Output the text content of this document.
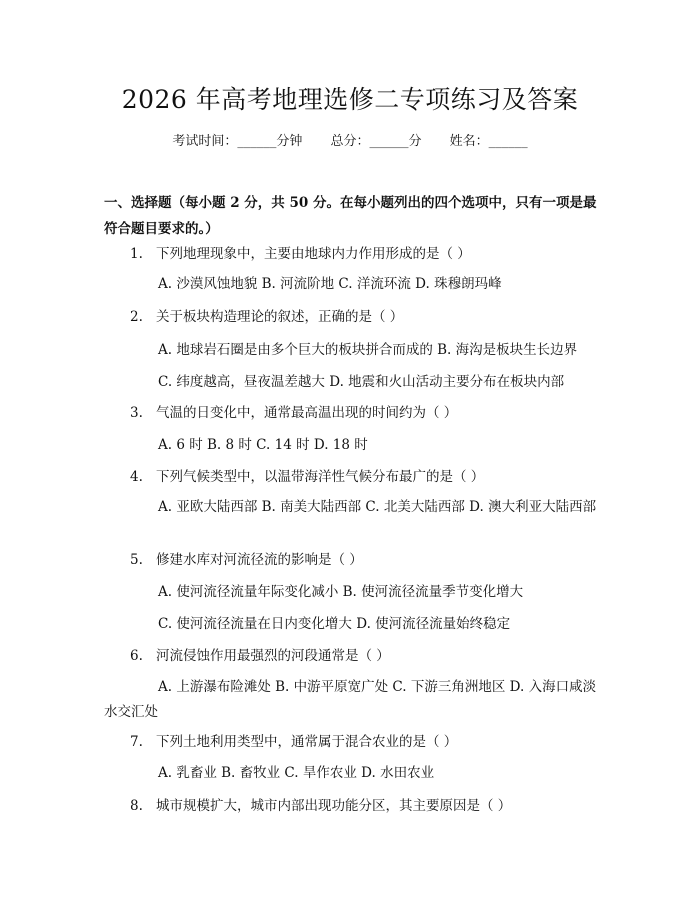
2026 年高考地理选修二专项练习及答案
考试时间：______分钟 总分：______分 姓名：______
一、选择题（每小题 2 分，共 50 分。在每小题列出的四个选项中，只有一项是最符合题目要求的。）
1. 下列地理现象中，主要由地球内力作用形成的是（ ）
A. 沙漠风蚀地貌 B. 河流阶地 C. 洋流环流 D. 珠穆朗玛峰
2. 关于板块构造理论的叙述，正确的是（ ）
A. 地球岩石圈是由多个巨大的板块拼合而成的 B. 海沟是板块生长边界
C. 纬度越高，昼夜温差越大 D. 地震和火山活动主要分布在板块内部
3. 气温的日变化中，通常最高温出现的时间约为（ ）
A. 6 时 B. 8 时 C. 14 时 D. 18 时
4. 下列气候类型中，以温带海洋性气候分布最广的是（ ）
A. 亚欧大陆西部 B. 南美大陆西部 C. 北美大陆西部 D. 澳大利亚大陆西部
5. 修建水库对河流径流的影响是（ ）
A. 使河流径流量年际变化减小 B. 使河流径流量季节变化增大
C. 使河流径流量在日内变化增大 D. 使河流径流量始终稳定
6. 河流侵蚀作用最强烈的河段通常是（ ）
A. 上游瀑布险滩处 B. 中游平原宽广处 C. 下游三角洲地区 D. 入海口咸淡水交汇处
7. 下列土地利用类型中，通常属于混合农业的是（ ）
A. 乳畜业 B. 畜牧业 C. 旱作农业 D. 水田农业
8. 城市规模扩大，城市内部出现功能分区，其主要原因是（ ）
